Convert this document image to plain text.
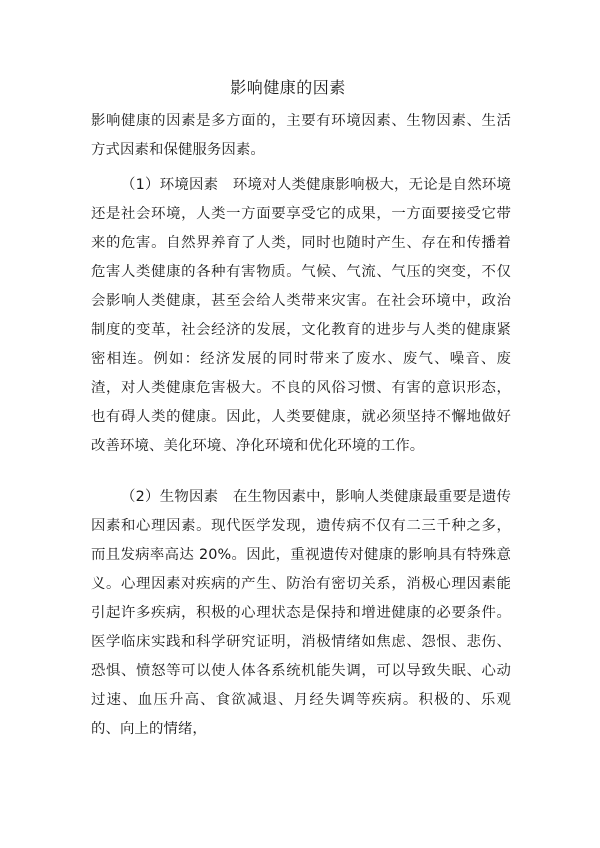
影响健康的因素

影响健康的因素是多方面的，主要有环境因素、生物因素、生活方式因素和保健服务因素。

（1）环境因素　环境对人类健康影响极大，无论是自然环境还是社会环境，人类一方面要享受它的成果，一方面要接受它带来的危害。自然界养育了人类，同时也随时产生、存在和传播着危害人类健康的各种有害物质。气候、气流、气压的突变，不仅会影响人类健康，甚至会给人类带来灾害。在社会环境中，政治制度的变革，社会经济的发展，文化教育的进步与人类的健康紧密相连。例如：经济发展的同时带来了废水、废气、噪音、废渣，对人类健康危害极大。不良的风俗习惯、有害的意识形态，也有碍人类的健康。因此，人类要健康，就必须坚持不懈地做好改善环境、美化环境、净化环境和优化环境的工作。

（2）生物因素　在生物因素中，影响人类健康最重要是遗传因素和心理因素。现代医学发现，遗传病不仅有二三千种之多，而且发病率高达 20%。因此，重视遗传对健康的影响具有特殊意义。心理因素对疾病的产生、防治有密切关系，消极心理因素能引起许多疾病，积极的心理状态是保持和增进健康的必要条件。医学临床实践和科学研究证明，消极情绪如焦虑、怨恨、悲伤、恐惧、愤怒等可以使人体各系统机能失调，可以导致失眠、心动过速、血压升高、食欲减退、月经失调等疾病。积极的、乐观的、向上的情绪，
